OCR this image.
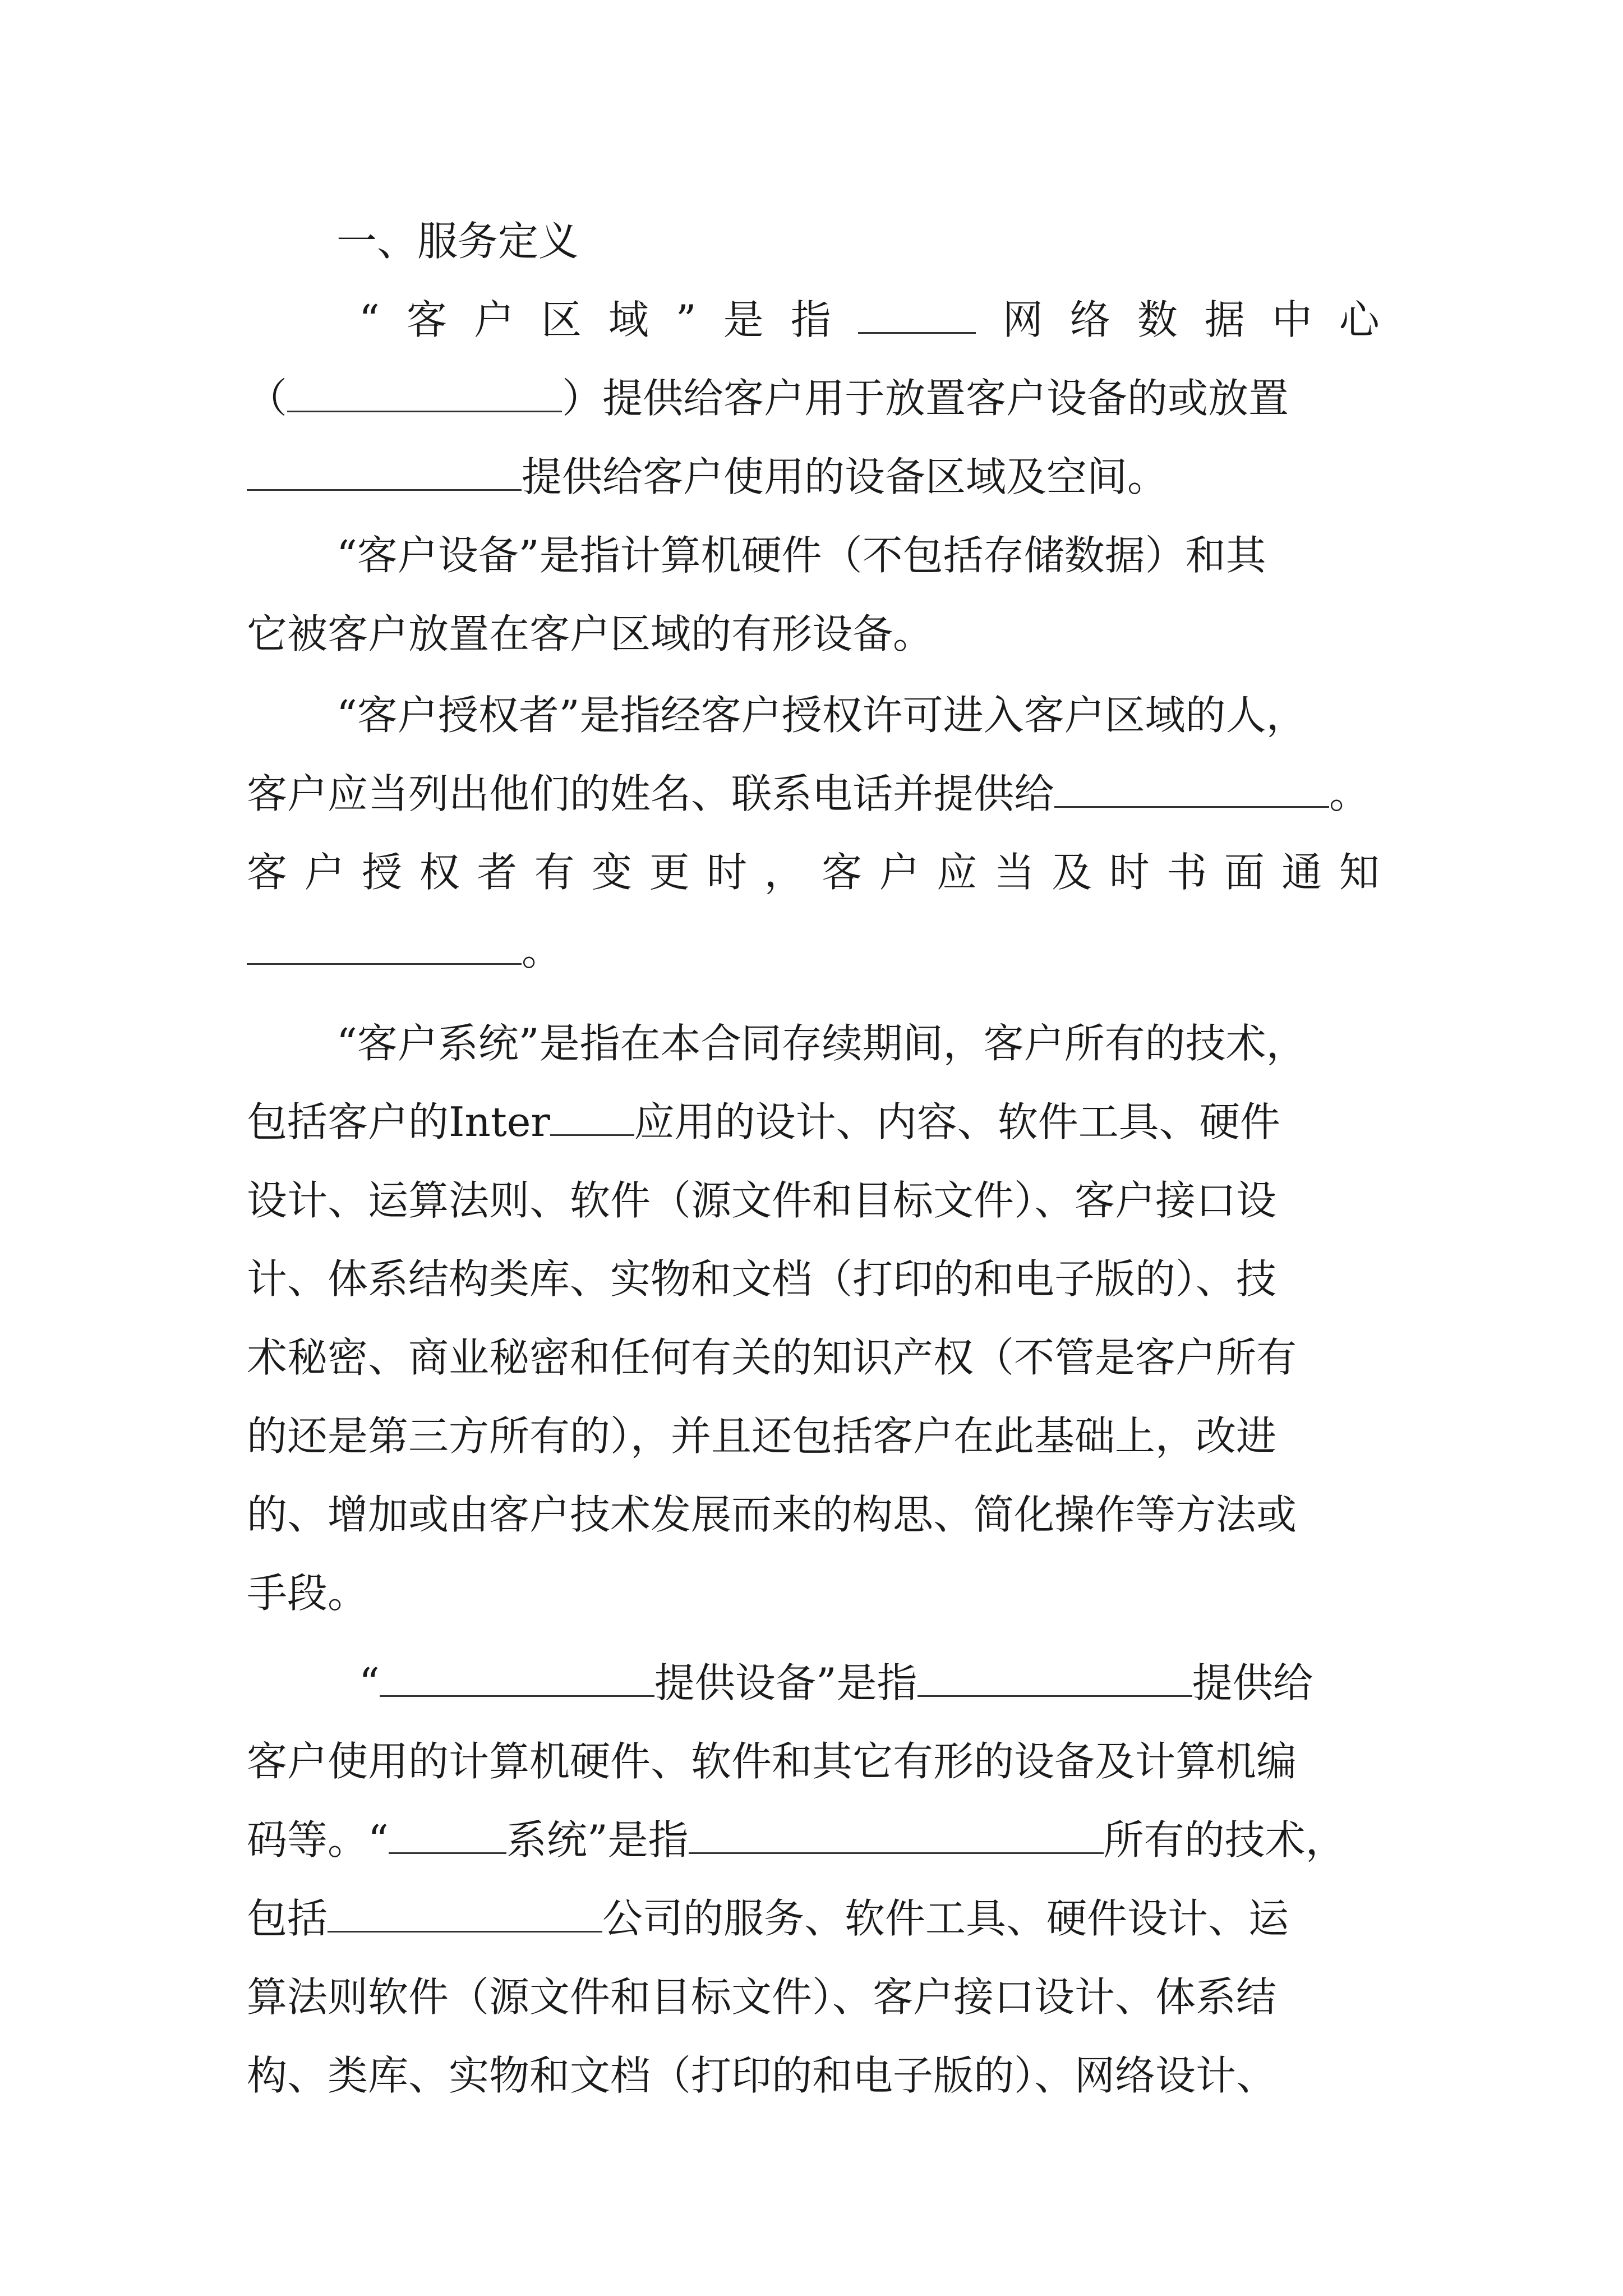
一、服务定义
“ 客 户 区 域 ” 是 指	网 络 数 据 中 心
（	）提供给客户用于放置客户设备的或放置
提供给客户使用的设备区域及空间。
“客户设备”是指计算机硬件（不包括存储数据）和其
它被客户放置在客户区域的有形设备。
“客户授权者”是指经客户授权许可进入客户区域的人，
客户应当列出他们的姓名、联系电话并提供给	。
客 户 授 权 者 有 变 更 时 ， 客 户 应 当 及 时 书 面 通 知
。
“客户系统”是指在本合同存续期间，客户所有的技术，
包括客户的Inter 应用的设计、内容、软件工具、硬件
设计、运算法则、软件（源文件和目标文件）、客户接口设
计、体系结构类库、实物和文档（打印的和电子版的）、技
术秘密、商业秘密和任何有关的知识产权（不管是客户所有
的还是第三方所有的），并且还包括客户在此基础上，改进
的、增加或由客户技术发展而来的构思、简化操作等方法或
手段。
“	提供设备”是指	提供给
客户使用的计算机硬件、软件和其它有形的设备及计算机编
码等。“	系统”是指	所有的技术，
包括	公司的服务、软件工具、硬件设计、运
算法则软件（源文件和目标文件）、客户接口设计、体系结
构、类库、实物和文档（打印的和电子版的）、网络设计、
